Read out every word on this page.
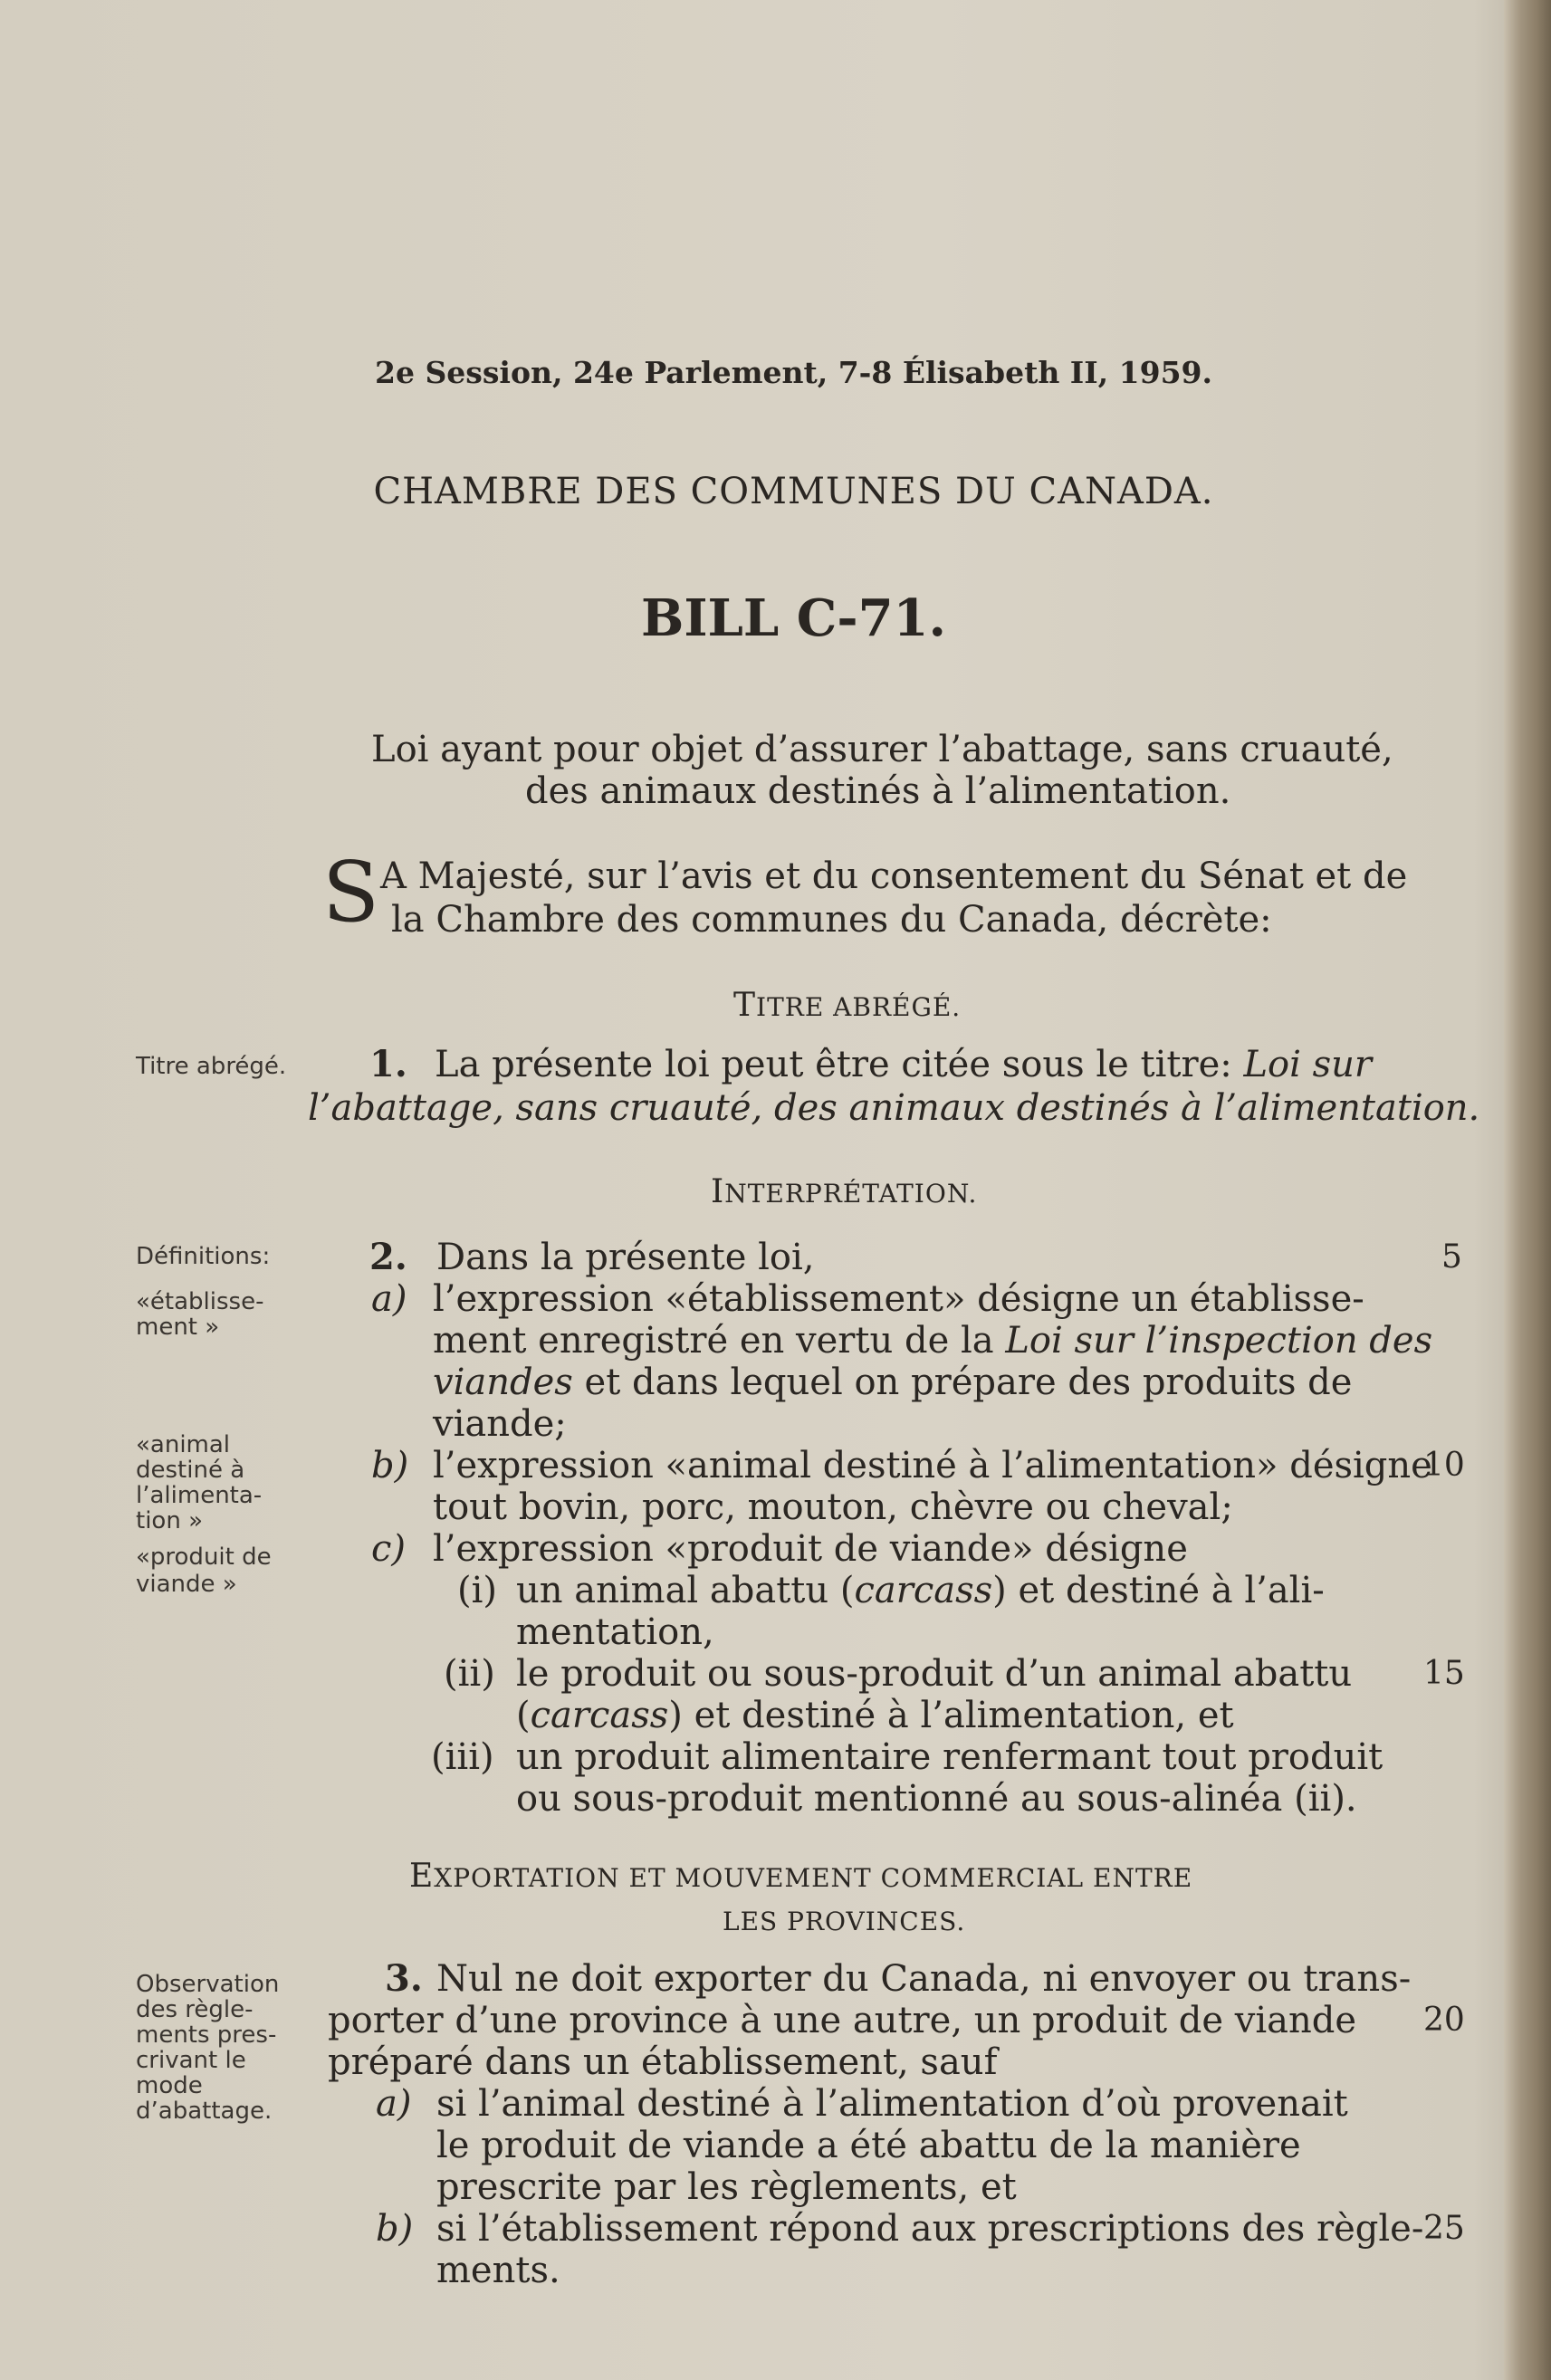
2e Session, 24e Parlement, 7-8 Élisabeth II, 1959.
CHAMBRE DES COMMUNES DU CANADA.
BILL C-71.
Loi ayant pour objet d’assurer l’abattage, sans cruauté,
des animaux destinés à l’alimentation.
S A Majesté, sur l’avis et du consentement du Sénat et de
la Chambre des communes du Canada, décrète:
TITRE ABRÉGÉ.
Titre abrégé. 1. La présente loi peut être citée sous le titre: Loi sur
l’abattage, sans cruauté, des animaux destinés à l’alimentation.
INTERPRÉTATION.
Définitions:
«établisse-
ment »
«animal
destiné à
l’alimenta-
tion »
«produit de
viande »
2. Dans la présente loi,
a) l’expression «établissement» désigne un établisse-
ment enregistré en vertu de la Loi sur l’inspection des
viandes et dans lequel on prépare des produits de
viande;
b) l’expression «animal destiné à l’alimentation» désigne
tout bovin, porc, mouton, chèvre ou cheval;
c) l’expression «produit de viande» désigne
(i) un animal abattu (carcass) et destiné à l’ali-
mentation,
(ii) le produit ou sous-produit d’un animal abattu
(carcass) et destiné à l’alimentation, et
(iii) un produit alimentaire renfermant tout produit
ou sous-produit mentionné au sous-alinéa (ii).
EXPORTATION ET MOUVEMENT COMMERCIAL ENTRE
LES PROVINCES.
Observation
des règle-
ments pres-
crivant le
mode
d’abattage.
3. Nul ne doit exporter du Canada, ni envoyer ou trans-
porter d’une province à une autre, un produit de viande
préparé dans un établissement, sauf
a) si l’animal destiné à l’alimentation d’où provenait
le produit de viande a été abattu de la manière
prescrite par les règlements, et
b) si l’établissement répond aux prescriptions des règle-
ments.
5
10
15
20
25
